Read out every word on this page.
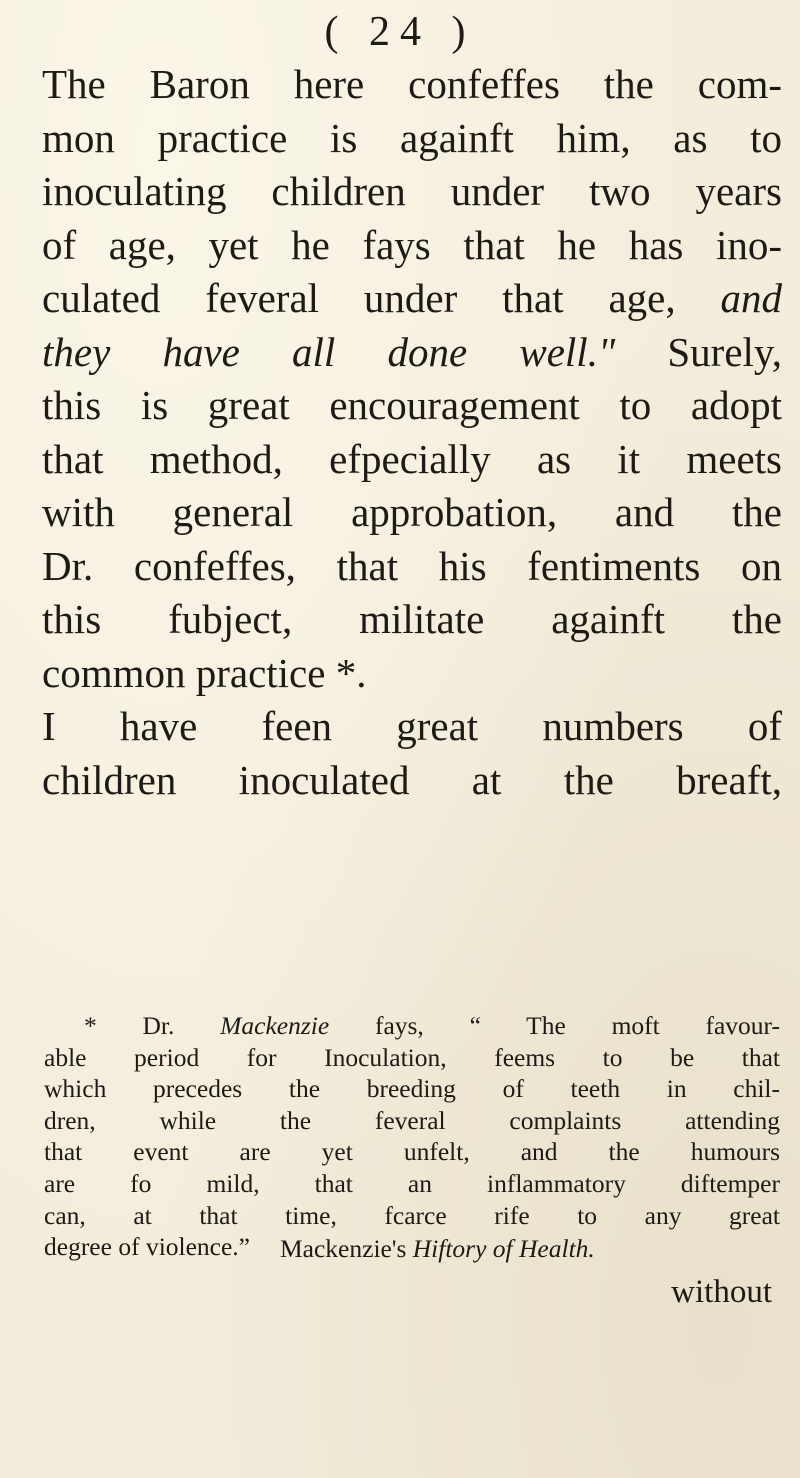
( 24 )
The Baron here confeffes the com-
mon practice is againft him, as to
inoculating children under two years
of age, yet he fays that he has ino-
culated feveral under that age, and
they have all done well." Surely,
this is great encouragement to adopt
that method, efpecially as it meets
with general approbation, and the
Dr. confeffes, that his fentiments on
this fubject, militate againft the
common practice *.
I have feen great numbers of
children inoculated at the breaft,
* Dr. Mackenzie fays, “ The moft favour-
able period for Inoculation, feems to be that
which precedes the breeding of teeth in chil-
dren, while the feveral complaints attending
that event are yet unfelt, and the humours
are fo mild, that an inflammatory diftemper
can, at that time, fcarce rife to any great
degree of violence.”	Mackenzie's Hiftory of Health.
without
